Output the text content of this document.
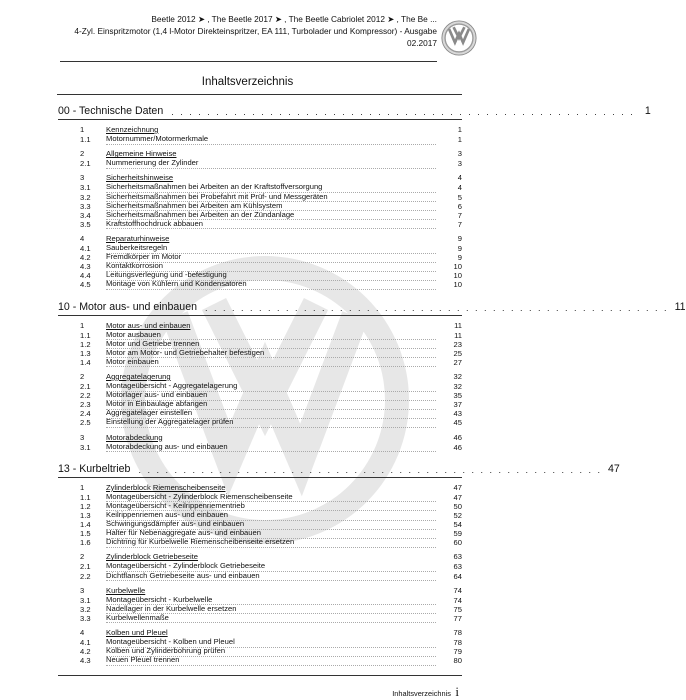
Beetle 2012 ➤ , The Beetle 2017 ➤ , The Beetle Cabriolet 2012 ➤ , The Be ...
4-Zyl. Einspritzmotor (1,4 l-Motor Direkteinspritzer, EA 111, Turbolader und Kompressor) - Ausgabe
02.2017
Inhaltsverzeichnis
00 - Technische Daten . . . . . . . . . . . . . . . . . . . . . . . . . . . . . . . . . . . . . . . . . . . . . . . . . . . . 1
1	Kennzeichnung	1
1.1	Motornummer/Motormerkmale	1
2	Allgemeine Hinweise	3
2.1	Nummerierung der Zylinder	3
3	Sicherheitshinweise	4
3.1	Sicherheitsmaßnahmen bei Arbeiten an der Kraftstoffversorgung	4
3.2	Sicherheitsmaßnahmen bei Probefahrt mit Prüf- und Messgeräten	5
3.3	Sicherheitsmaßnahmen bei Arbeiten am Kühlsystem	6
3.4	Sicherheitsmaßnahmen bei Arbeiten an der Zündanlage	7
3.5	Kraftstoffhochdruck abbauen	7
4	Reparaturhinweise	9
4.1	Sauberkeitsregeln	9
4.2	Fremdkörper im Motor	9
4.3	Kontaktkorrosion	10
4.4	Leitungsverlegung und -befestigung	10
4.5	Montage von Kühlern und Kondensatoren	10
10 - Motor aus- und einbauen . . . . . . . . . . . . . . . . . . . . . . . . . . . . . . . . . . . . . . . . . . . . . . . . . . . . 11
1	Motor aus- und einbauen	11
1.1	Motor ausbauen	11
1.2	Motor und Getriebe trennen	23
1.3	Motor am Motor- und Getriebehalter befestigen	25
1.4	Motor einbauen	27
2	Aggregatelagerung	32
2.1	Montageübersicht - Aggregatelagerung	32
2.2	Motorlager aus- und einbauen	35
2.3	Motor in Einbaulage abfangen	37
2.4	Aggregatelager einstellen	43
2.5	Einstellung der Aggregatelager prüfen	45
3	Motorabdeckung	46
3.1	Motorabdeckung aus- und einbauen	46
13 - Kurbeltrieb . . . . . . . . . . . . . . . . . . . . . . . . . . . . . . . . . . . . . . . . . . . . . . . . . . . . 47
1	Zylinderblock Riemenscheibenseite	47
1.1	Montageübersicht - Zylinderblock Riemenscheibenseite	47
1.2	Montageübersicht - Keilrippenriementrieb	50
1.3	Keilrippenriemen aus- und einbauen	52
1.4	Schwingungsdämpfer aus- und einbauen	54
1.5	Halter für Nebenaggregate aus- und einbauen	59
1.6	Dichtring für Kurbelwelle Riemenscheibenseite ersetzen	60
2	Zylinderblock Getriebeseite	63
2.1	Montageübersicht - Zylinderblock Getriebeseite	63
2.2	Dichtflansch Getriebeseite aus- und einbauen	64
3	Kurbelwelle	74
3.1	Montageübersicht - Kurbelwelle	74
3.2	Nadellager in der Kurbelwelle ersetzen	75
3.3	Kurbelwellenmaße	77
4	Kolben und Pleuel	78
4.1	Montageübersicht - Kolben und Pleuel	78
4.2	Kolben und Zylinderbohrung prüfen	79
4.3	Neuen Pleuel trennen	80
Inhaltsverzeichnis i
